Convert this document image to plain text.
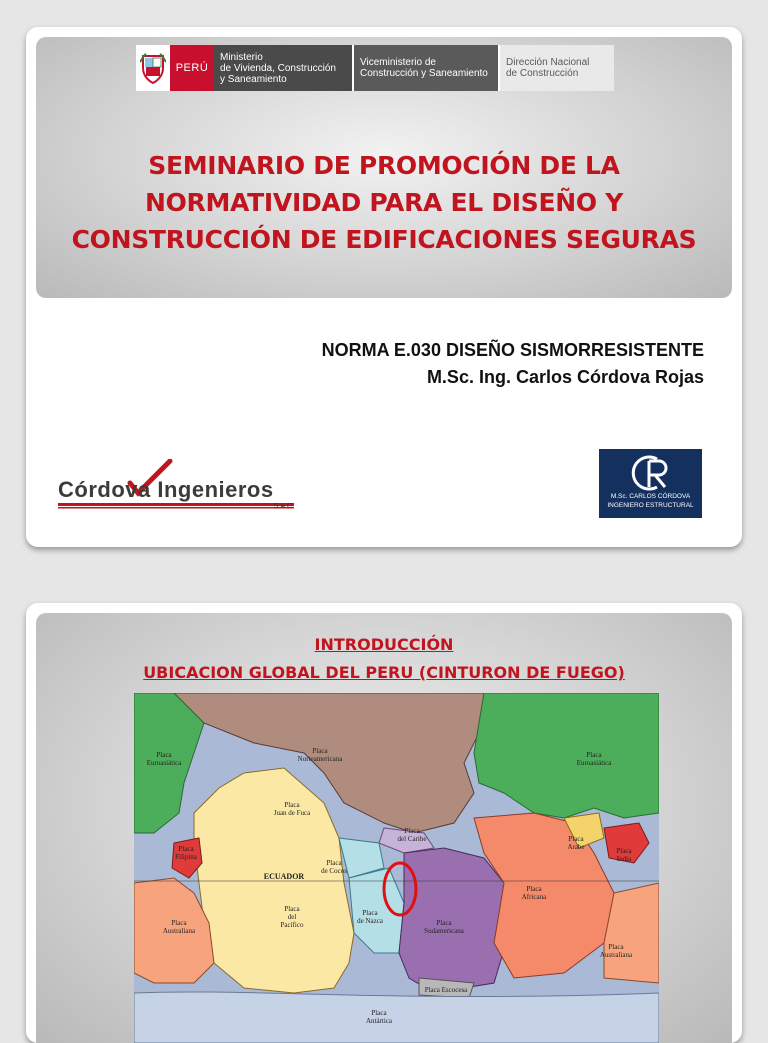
PERÚ
Ministerio
de Vivienda, Construcción
y Saneamiento
Viceministerio de
Construcción y Saneamiento
Dirección Nacional
de Construcción
SEMINARIO DE PROMOCIÓN DE LA
NORMATIVIDAD PARA EL DISEÑO Y
CONSTRUCCIÓN DE EDIFICACIONES SEGURAS
NORMA E.030 DISEÑO SISMORRESISTENTE
M.Sc. Ing. Carlos Córdova Rojas
Córdova Ingenieros
S.A.C.
M.Sc. CARLOS CÓRDOVA
INGENIERO ESTRUCTURAL
INTRODUCCIÓN
UBICACION GLOBAL DEL PERU (CINTURON DE FUEGO)
Placa Euroasiática
Placa Norteamericana	Placa Euroasiática
Placa Juan de Fuca
Placa del Caribe
Placa Filipina
Placa Arabe	Placa India
Placa de Cocos
ECUADOR
Placa del Pacífico
Placa de Nazca	Placa Sudamericana
Placa Africana
Placa Australiana
Placa Australiana
Placa Escocesa
Placa Antártica
